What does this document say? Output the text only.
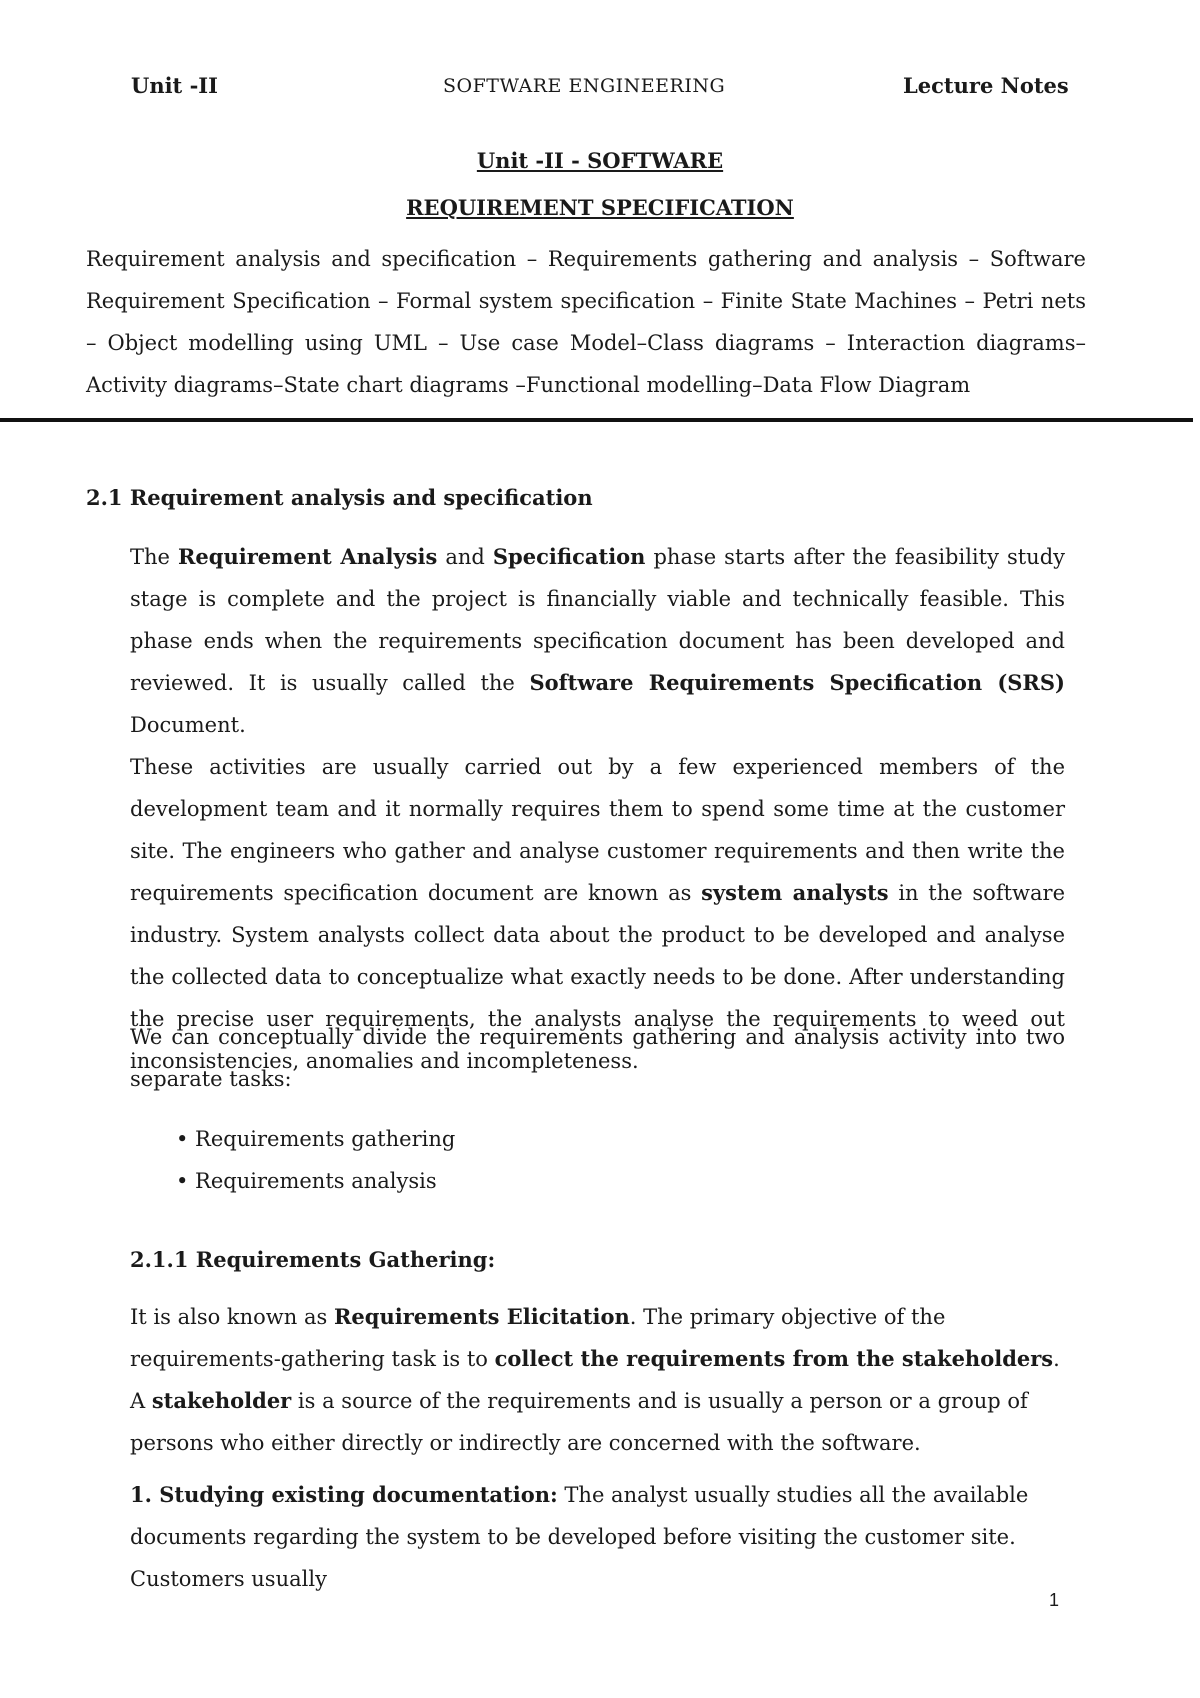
Unit -II	SOFTWARE ENGINEERING	Lecture Notes
Unit -II - SOFTWARE
REQUIREMENT SPECIFICATION
Requirement analysis and specification – Requirements gathering and analysis – Software Requirement Specification – Formal system specification – Finite State Machines – Petri nets – Object modelling using UML – Use case Model–Class diagrams – Interaction diagrams–Activity diagrams–State chart diagrams –Functional modelling–Data Flow Diagram
2.1 Requirement analysis and specification
The Requirement Analysis and Specification phase starts after the feasibility study stage is complete and the project is financially viable and technically feasible. This phase ends when the requirements specification document has been developed and reviewed. It is usually called the Software Requirements Specification (SRS) Document.
These activities are usually carried out by a few experienced members of the development team and it normally requires them to spend some time at the customer site. The engineers who gather and analyse customer requirements and then write the requirements specification document are known as system analysts in the software industry. System analysts collect data about the product to be developed and analyse the collected data to conceptualize what exactly needs to be done. After understanding the precise user requirements, the analysts analyse the requirements to weed out inconsistencies, anomalies and incompleteness.
We can conceptually divide the requirements gathering and analysis activity into two separate tasks:
• Requirements gathering
• Requirements analysis
2.1.1 Requirements Gathering:
It is also known as Requirements Elicitation. The primary objective of the requirements-gathering task is to collect the requirements from the stakeholders. A stakeholder is a source of the requirements and is usually a person or a group of persons who either directly or indirectly are concerned with the software.
1. Studying existing documentation: The analyst usually studies all the available documents regarding the system to be developed before visiting the customer site. Customers usually
1
